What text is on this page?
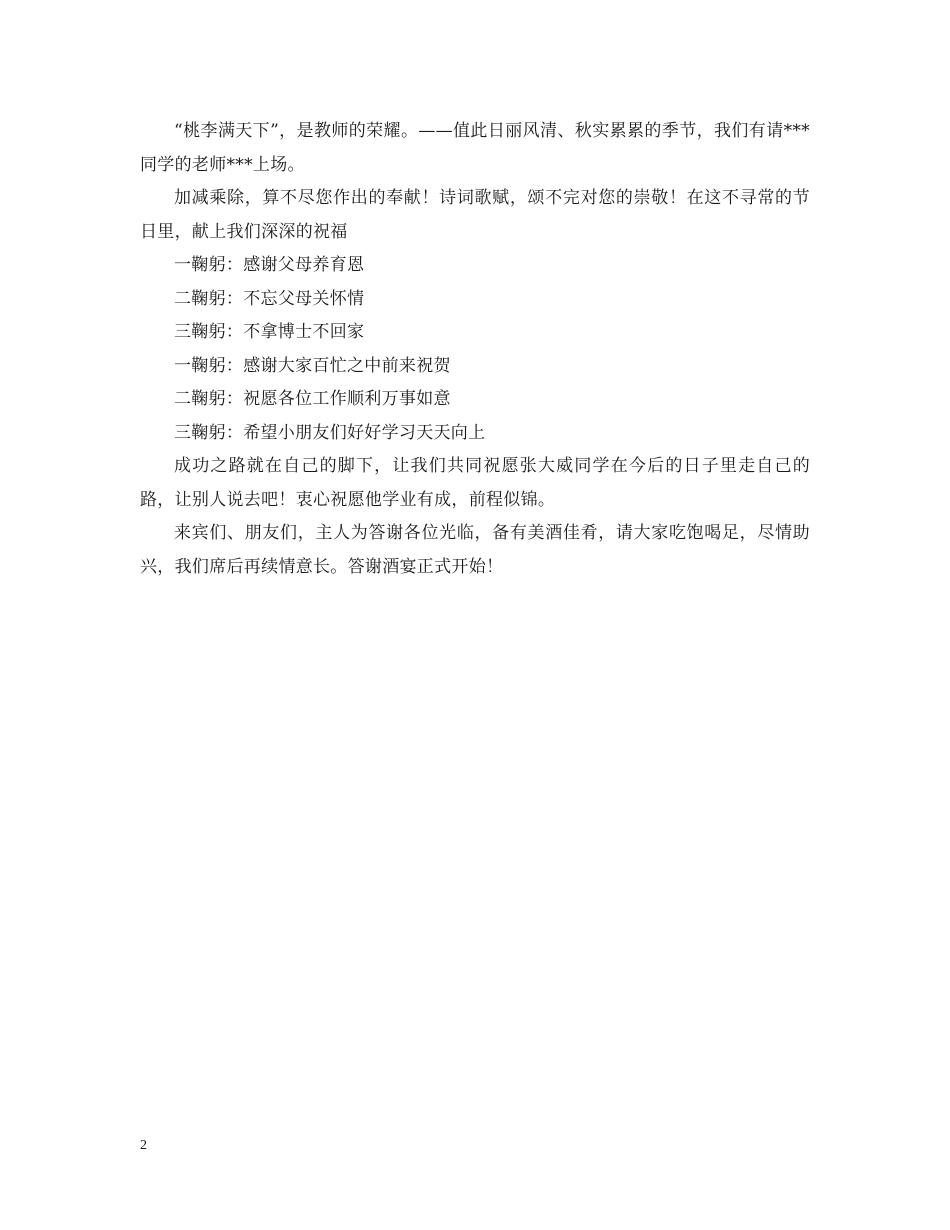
“桃李满天下”，是教师的荣耀。——值此日丽风清、秋实累累的季节，我们有请***同学的老师***上场。

加减乘除，算不尽您作出的奉献！诗词歌赋，颂不完对您的崇敬！在这不寻常的节日里，献上我们深深的祝福

一鞠躬：感谢父母养育恩

二鞠躬：不忘父母关怀情

三鞠躬：不拿博士不回家

一鞠躬：感谢大家百忙之中前来祝贺

二鞠躬：祝愿各位工作顺利万事如意

三鞠躬：希望小朋友们好好学习天天向上

成功之路就在自己的脚下，让我们共同祝愿张大威同学在今后的日子里走自己的路，让别人说去吧！衷心祝愿他学业有成，前程似锦。

来宾们、朋友们，主人为答谢各位光临，备有美酒佳肴，请大家吃饱喝足，尽情助兴，我们席后再续情意长。答谢酒宴正式开始！

2
